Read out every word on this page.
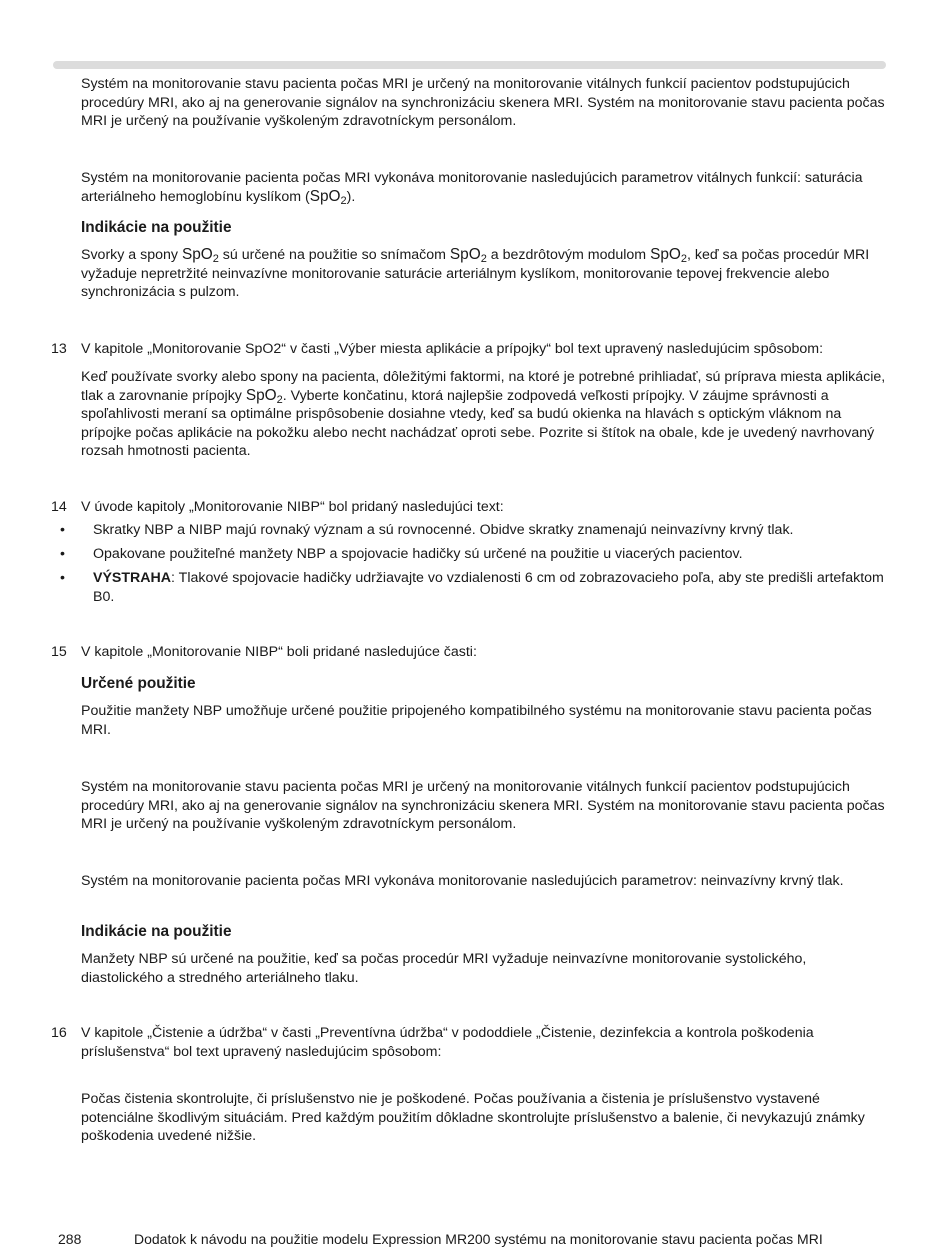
Systém na monitorovanie stavu pacienta počas MRI je určený na monitorovanie vitálnych funkcií pacientov podstupujúcich procedúry MRI, ako aj na generovanie signálov na synchronizáciu skenera MRI. Systém na monitorovanie stavu pacienta počas MRI je určený na používanie vyškoleným zdravotníckym personálom.

Systém na monitorovanie pacienta počas MRI vykonáva monitorovanie nasledujúcich parametrov vitálnych funkcií: saturácia arteriálneho hemoglobínu kyslíkom (SpO$_2$).

Indikácie na použitie

Svorky a spony SpO$_2$ sú určené na použitie so snímačom SpO$_2$ a bezdrôtovým modulom SpO$_2$, keď sa počas procedúr MRI vyžaduje nepretržité neinvazívne monitorovanie saturácie arteriálnym kyslíkom, monitorovanie tepovej frekvencie alebo synchronizácia s pulzom.

13 V kapitole „Monitorovanie SpO2“ v časti „Výber miesta aplikácie a prípojky“ bol text upravený nasledujúcim spôsobom:

Keď používate svorky alebo spony na pacienta, dôležitými faktormi, na ktoré je potrebné prihliadať, sú príprava miesta aplikácie, tlak a zarovnanie prípojky SpO$_2$. Vyberte končatinu, ktorá najlepšie zodpovedá veľkosti prípojky. V záujme správnosti a spoľahlivosti meraní sa optimálne prispôsobenie dosiahne vtedy, keď sa budú okienka na hlavách s optickým vláknom na prípojke počas aplikácie na pokožku alebo necht nachádzať oproti sebe. Pozrite si štítok na obale, kde je uvedený navrhovaný rozsah hmotnosti pacienta.

14 V úvode kapitoly „Monitorovanie NIBP“ bol pridaný nasledujúci text:

• Skratky NBP a NIBP majú rovnaký význam a sú rovnocenné. Obidve skratky znamenajú neinvazívny krvný tlak.
• Opakovane použiteľné manžety NBP a spojovacie hadičky sú určené na použitie u viacerých pacientov.
• VÝSTRAHA: Tlakové spojovacie hadičky udržiavajte vo vzdialenosti 6 cm od zobrazovacieho poľa, aby ste predišli artefaktom B0.
15 V kapitole „Monitorovanie NIBP“ boli pridané nasledujúce časti:

Určené použitie

Použitie manžety NBP umožňuje určené použitie pripojeného kompatibilného systému na monitorovanie stavu pacienta počas MRI.

Systém na monitorovanie stavu pacienta počas MRI je určený na monitorovanie vitálnych funkcií pacientov podstupujúcich procedúry MRI, ako aj na generovanie signálov na synchronizáciu skenera MRI. Systém na monitorovanie stavu pacienta počas MRI je určený na používanie vyškoleným zdravotníckym personálom.

Systém na monitorovanie pacienta počas MRI vykonáva monitorovanie nasledujúcich parametrov: neinvazívny krvný tlak.

Indikácie na použitie

Manžety NBP sú určené na použitie, keď sa počas procedúr MRI vyžaduje neinvazívne monitorovanie systolického, diastolického a stredného arteriálneho tlaku.

16 V kapitole „Čistenie a údržba“ v časti „Preventívna údržba“ v pododdiele „Čistenie, dezinfekcia a kontrola poškodenia príslušenstva“ bol text upravený nasledujúcim spôsobom:

Počas čistenia skontrolujte, či príslušenstvo nie je poškodené. Počas používania a čistenia je príslušenstvo vystavené potenciálne škodlivým situáciám. Pred každým použitím dôkladne skontrolujte príslušenstvo a balenie, či nevykazujú známky poškodenia uvedené nižšie.

288	Dodatok k návodu na použitie modelu Expression MR200 systému na monitorovanie stavu pacienta počas MRI
